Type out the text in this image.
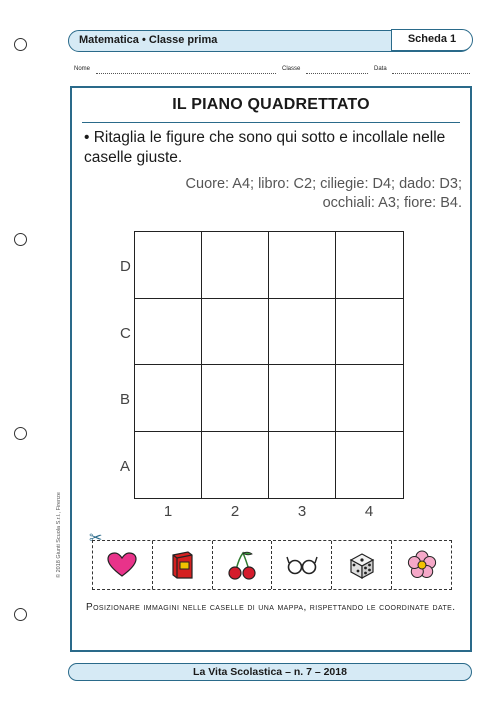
Matematica • Classe prima	Scheda 1
Nome	Classe	Data
IL PIANO QUADRETTATO
• Ritaglia le figure che sono qui sotto e incollale nelle caselle giuste.
Cuore: A4; libro: C2; ciliegie: D4; dado: D3;
occhiali: A3; fiore: B4.
D
C
B
A
1	2	3	4
✂
Posizionare immagini nelle caselle di una mappa, rispettando le coordinate date.
© 2018 Giunti Scuola S.r.l., Firenze
La Vita Scolastica – n. 7 – 2018
